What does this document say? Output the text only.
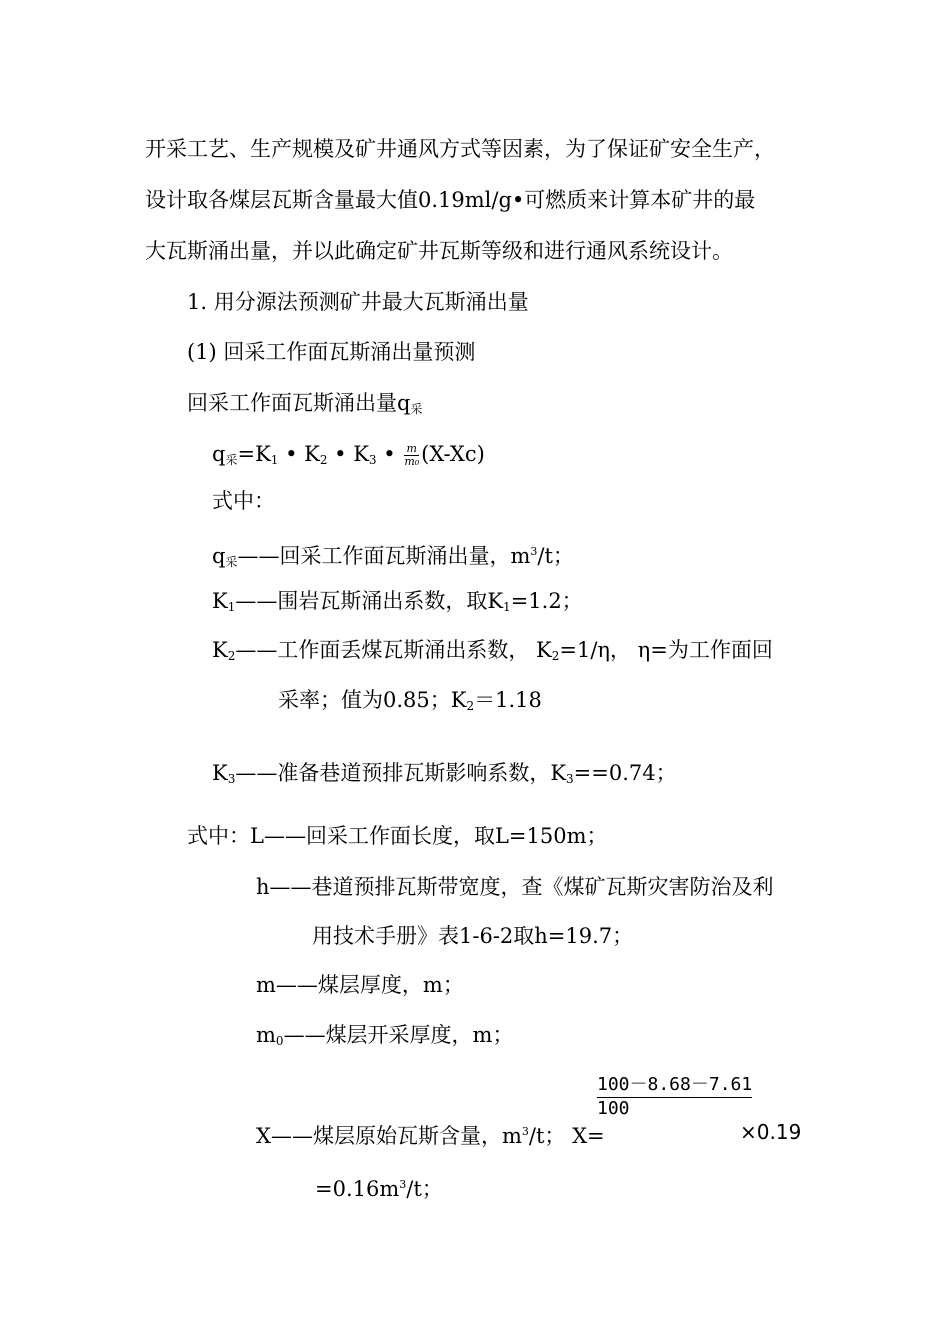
开采工艺、生产规模及矿井通风方式等因素，为了保证矿安全生产，
设计取各煤层瓦斯含量最大值0.19ml/g•可燃质来计算本矿井的最
大瓦斯涌出量，并以此确定矿井瓦斯等级和进行通风系统设计。
1. 用分源法预测矿井最大瓦斯涌出量
(1) 回采工作面瓦斯涌出量预测
回采工作面瓦斯涌出量$q_采$
$q_采=K_1$ • $K_2$ • $K_3$ • $\frac{m}{\text{m₀}} (X-Xc)$
式中：
$q_采——$回采工作面瓦斯涌出量，$m^3/t$；
$K_1——$围岩瓦斯涌出系数，取$K_1=1.2$；
$K_2——$工作面丢煤瓦斯涌出系数， $K_2=1/\eta$， η=为工作面回
采率；值为0.85；$K_2=1.18$
$K_3——$准备巷道预排瓦斯影响系数，$K_3==0.74$；
式中：L——回采工作面长度，取L=150m；
h——巷道预排瓦斯带宽度，查《煤矿瓦斯灾害防治及利
用技术手册》表1-6-2取h=19.7；
m——煤层厚度，m；
$m_0——$煤层开采厚度，m；
$\frac{100-8.68-7.61}{100}$
X——煤层原始瓦斯含量，$m^3/t$； X=	×0.19
$=0.16m^3/t$；
